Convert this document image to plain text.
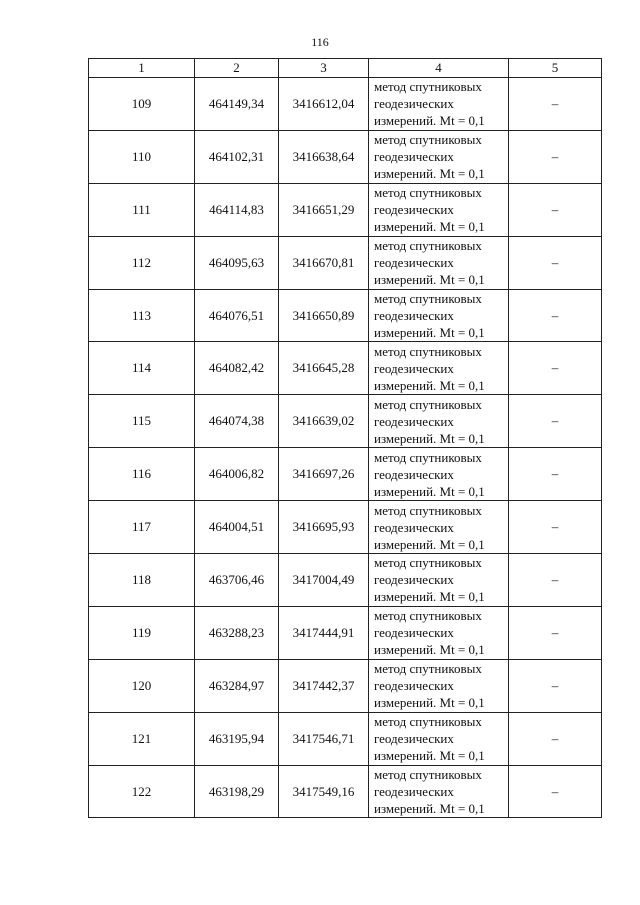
116
1	2	3	4	5
109	464149,34	3416612,04	метод спутниковых
геодезических
измерений. Mt = 0,1	–
110	464102,31	3416638,64	метод спутниковых
геодезических
измерений. Mt = 0,1	–
111	464114,83	3416651,29	метод спутниковых
геодезических
измерений. Mt = 0,1	–
112	464095,63	3416670,81	метод спутниковых
геодезических
измерений. Mt = 0,1	–
113	464076,51	3416650,89	метод спутниковых
геодезических
измерений. Mt = 0,1	–
114	464082,42	3416645,28	метод спутниковых
геодезических
измерений. Mt = 0,1	–
115	464074,38	3416639,02	метод спутниковых
геодезических
измерений. Mt = 0,1	–
116	464006,82	3416697,26	метод спутниковых
геодезических
измерений. Mt = 0,1	–
117	464004,51	3416695,93	метод спутниковых
геодезических
измерений. Mt = 0,1	–
118	463706,46	3417004,49	метод спутниковых
геодезических
измерений. Mt = 0,1	–
119	463288,23	3417444,91	метод спутниковых
геодезических
измерений. Mt = 0,1	–
120	463284,97	3417442,37	метод спутниковых
геодезических
измерений. Mt = 0,1	–
121	463195,94	3417546,71	метод спутниковых
геодезических
измерений. Mt = 0,1	–
122	463198,29	3417549,16	метод спутниковых
геодезических
измерений. Mt = 0,1	–
